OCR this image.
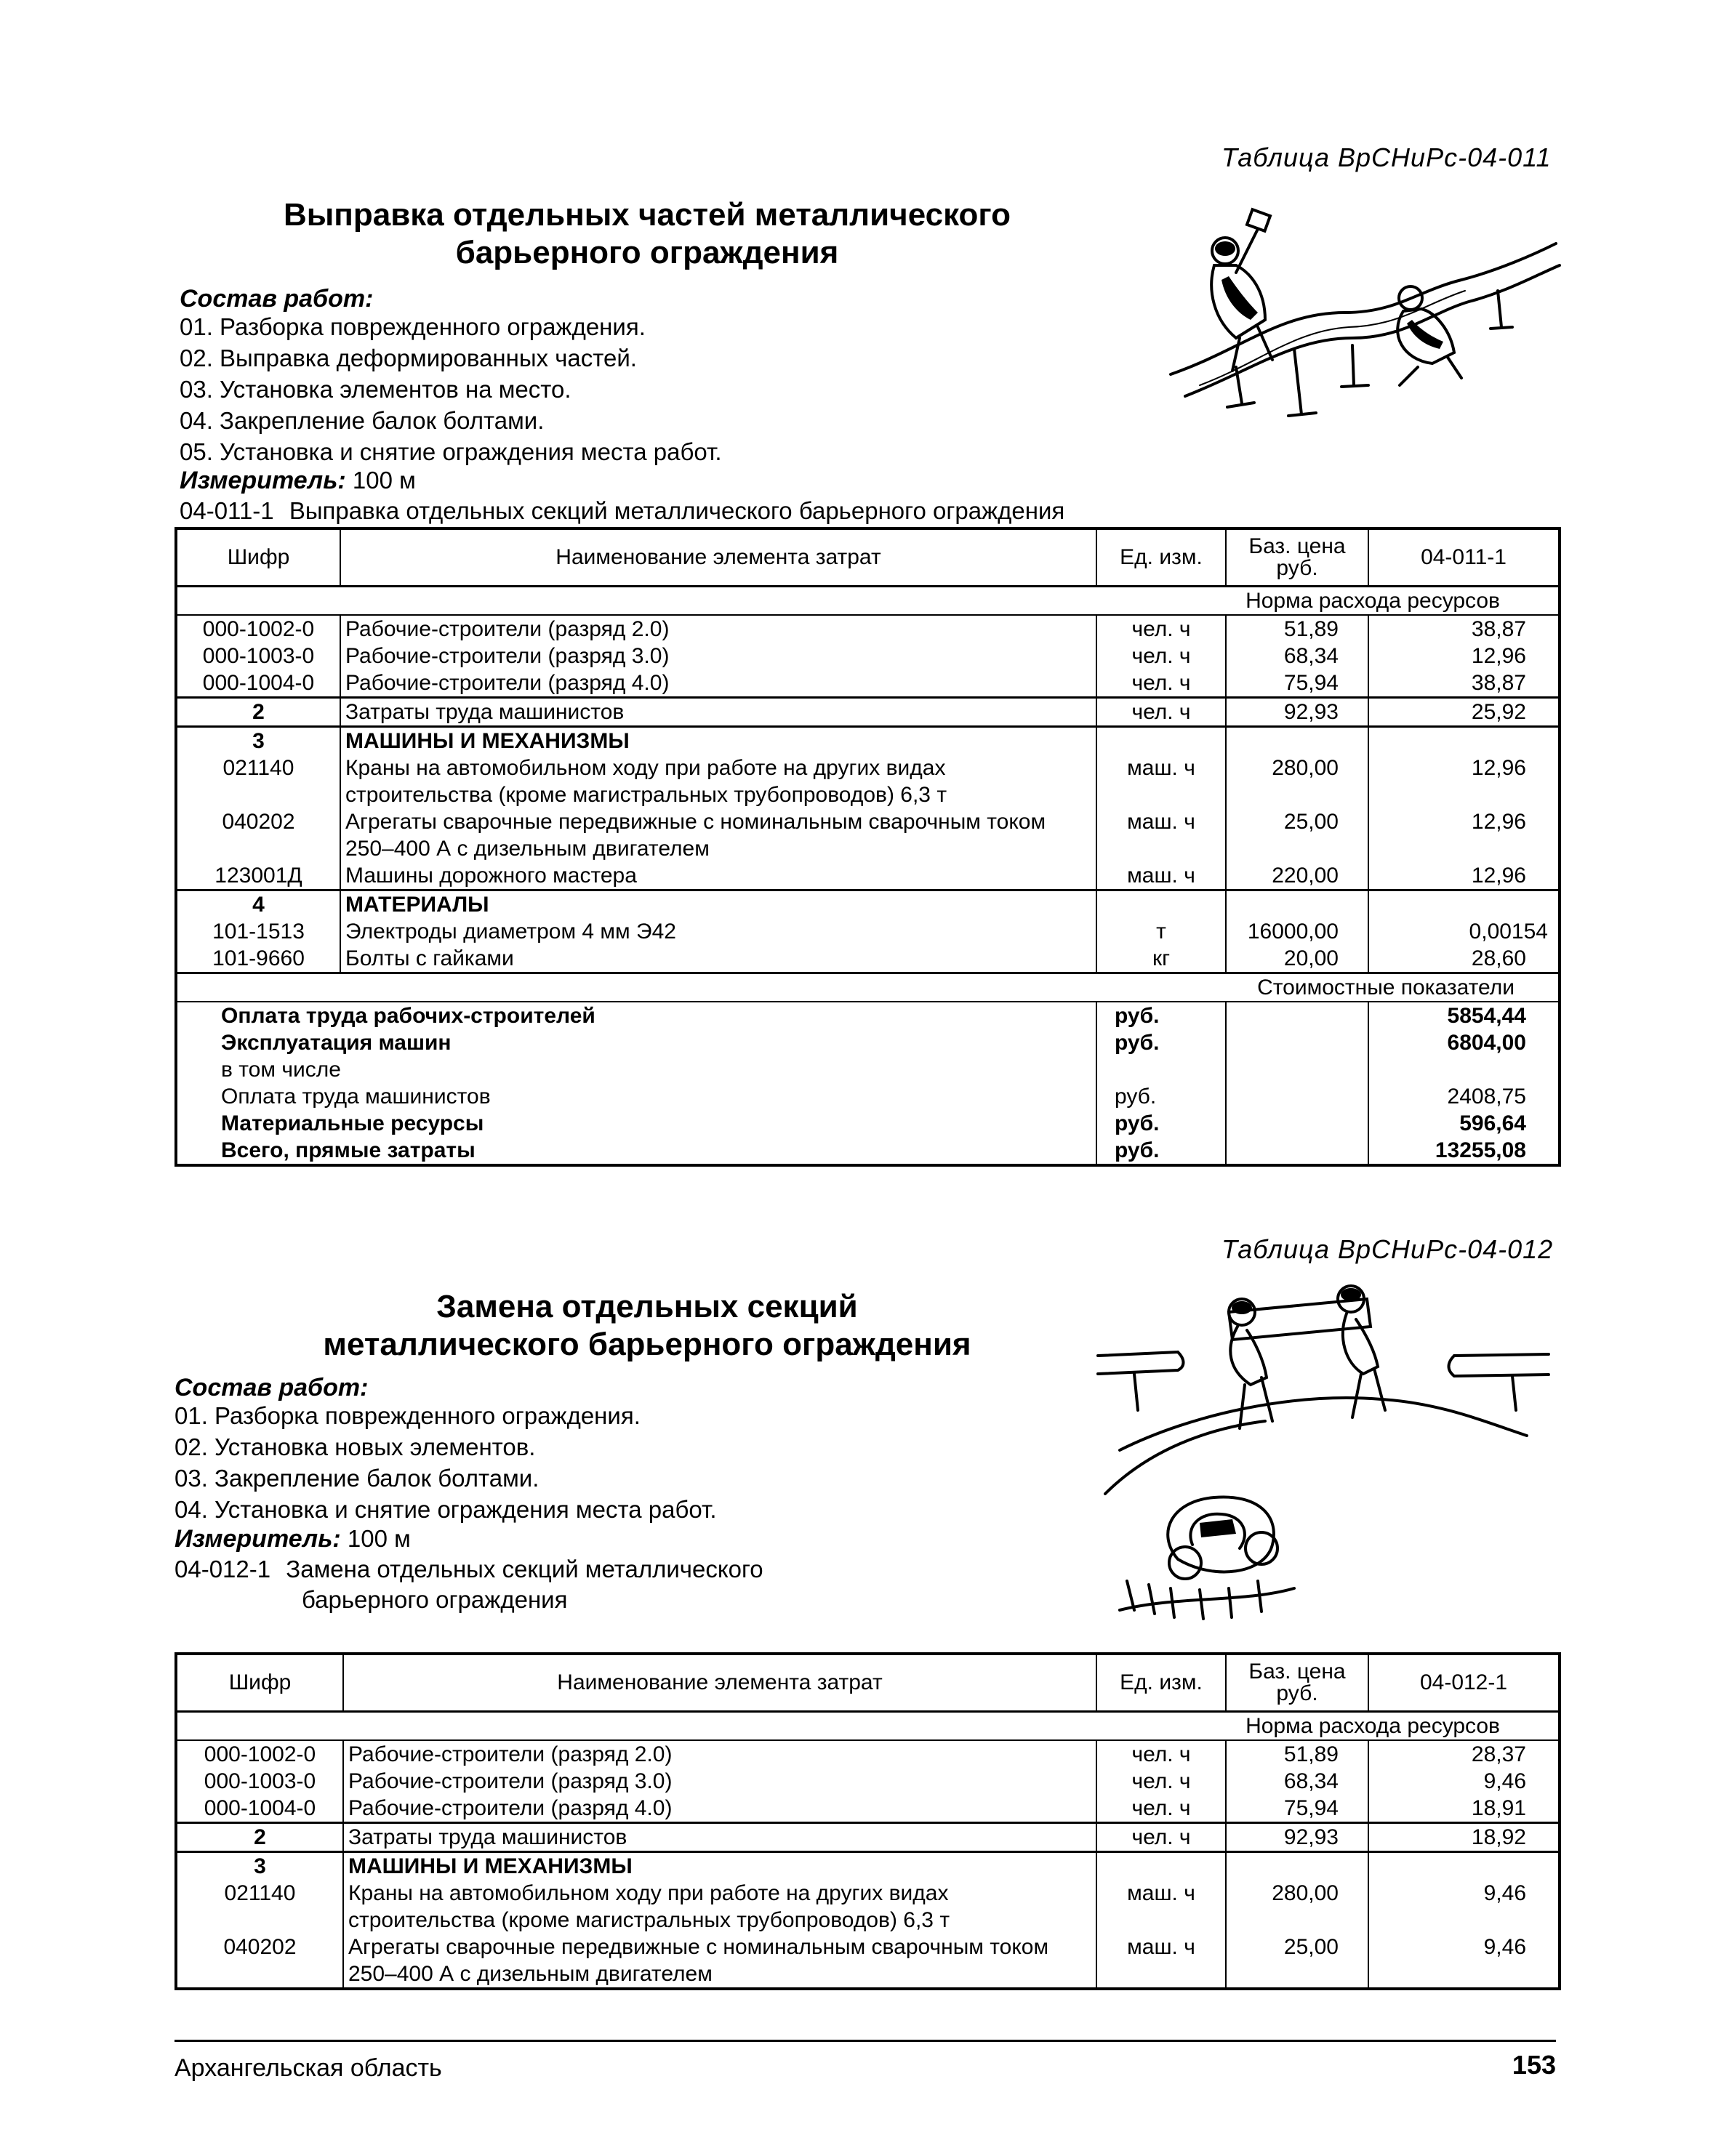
Таблица ВрСНиРс-04-011
Выправка отдельных частей металлического
барьерного ограждения
Состав работ:
01. Разборка поврежденного ограждения.
02. Выправка деформированных частей.
03. Установка элементов на место.
04. Закрепление балок болтами.
05. Установка и снятие ограждения места работ.
Измеритель: 100 м
04-011-1 Выправка отдельных секций металлического барьерного ограждения
Шифр	Наименование элемента затрат	Ед. изм.	Баз. цена руб.	04-011-1
Норма расхода ресурсов				
000-1002-0	Рабочие-строители (разряд 2.0)	чел. ч	51,89	38,87
000-1003-0	Рабочие-строители (разряд 3.0)	чел. ч	68,34	12,96
000-1004-0	Рабочие-строители (разряд 4.0)	чел. ч	75,94	38,87
2	Затраты труда машинистов	чел. ч	92,93	25,92
3	МАШИНЫ И МЕХАНИЗМЫ			
021140	Краны на автомобильном ходу при работе на других видах строительства (кроме магистральных трубопроводов) 6,3 т	маш. ч	280,00	12,96
040202	Агрегаты сварочные передвижные с номинальным сварочным током 250–400 А с дизельным двигателем	маш. ч	25,00	12,96
123001Д	Машины дорожного мастера	маш. ч	220,00	12,96
4	МАТЕРИАЛЫ			
101-1513	Электроды диаметром 4 мм Э42	т	16000,00	0,00154
101-9660	Болты с гайками	кг	20,00	28,60
Стоимостные показатели				
Оплата труда рабочих-строителей		руб.		5854,44
Эксплуатация машин		руб.		6804,00
в том числе				
Оплата труда машинистов		руб.		2408,75
Материальные ресурсы		руб.		596,64
Всего, прямые затраты		руб.		13255,08
Таблица ВрСНиРс-04-012
Замена отдельных секций
металлического барьерного ограждения
Состав работ:
01. Разборка поврежденного ограждения.
02. Установка новых элементов.
03. Закрепление балок болтами.
04. Установка и снятие ограждения места работ.
Измеритель: 100 м
04-012-1 Замена отдельных секций металлического
барьерного ограждения
Шифр	Наименование элемента затрат	Ед. изм.	Баз. цена руб.	04-012-1
Норма расхода ресурсов				
000-1002-0	Рабочие-строители (разряд 2.0)	чел. ч	51,89	28,37
000-1003-0	Рабочие-строители (разряд 3.0)	чел. ч	68,34	9,46
000-1004-0	Рабочие-строители (разряд 4.0)	чел. ч	75,94	18,91
2	Затраты труда машинистов	чел. ч	92,93	18,92
3	МАШИНЫ И МЕХАНИЗМЫ			
021140	Краны на автомобильном ходу при работе на других видах строительства (кроме магистральных трубопроводов) 6,3 т	маш. ч	280,00	9,46
040202	Агрегаты сварочные передвижные с номинальным сварочным током 250–400 А с дизельным двигателем	маш. ч	25,00	9,46
Архангельская область	153
